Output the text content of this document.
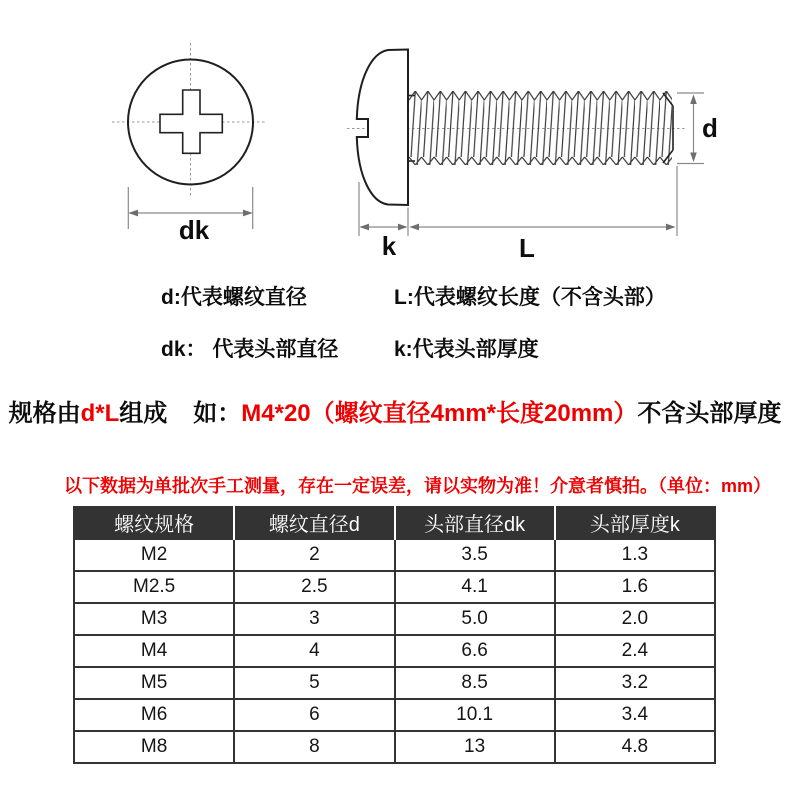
dk
k	L
d
d:代表螺纹直径	L:代表螺纹长度（不含头部）
dk： 代表头部直径	k:代表头部厚度
规格由d*L组成 如：M4*20（螺纹直径4mm*长度20mm）不含头部厚度
以下数据为单批次手工测量，存在一定误差，请以实物为准！介意者慎拍。（单位：mm）
螺纹规格	螺纹直径d	头部直径dk	头部厚度k
M2	2	3.5	1.3
M2.5	2.5	4.1	1.6
M3	3	5.0	2.0
M4	4	6.6	2.4
M5	5	8.5	3.2
M6	6	10.1	3.4
M8	8	13	4.8
